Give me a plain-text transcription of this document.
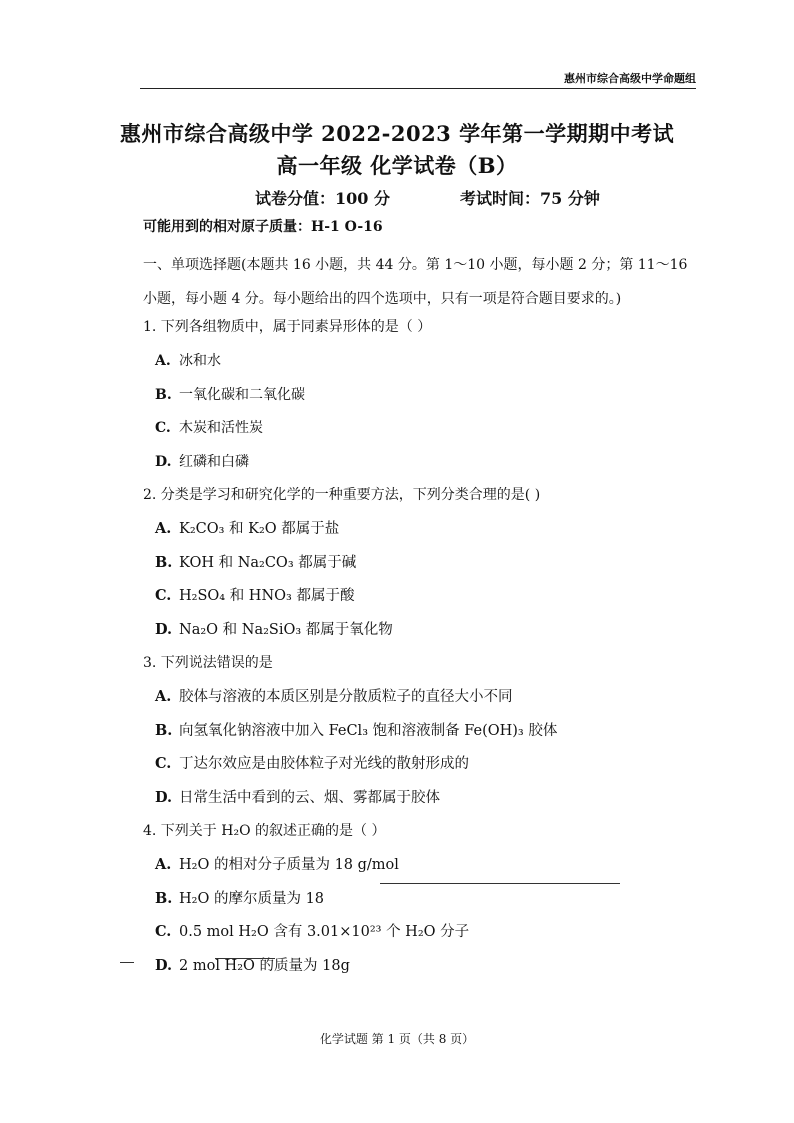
惠州市综合高级中学命题组
惠州市综合高级中学 2022-2023 学年第一学期期中考试
高一年级 化学试卷（B）
试卷分值：100 分	考试时间：75 分钟
可能用到的相对原子质量：H-1 O-16
一、单项选择题(本题共 16 小题，共 44 分。第 1～10 小题，每小题 2 分；第 11～16 小题，每小题 4 分。每小题给出的四个选项中，只有一项是符合题目要求的。)
1. 下列各组物质中，属于同素异形体的是（ ）
A. 冰和水
B. 一氧化碳和二氧化碳
C. 木炭和活性炭
D. 红磷和白磷
2. 分类是学习和研究化学的一种重要方法，下列分类合理的是( )
A. K₂CO₃ 和 K₂O 都属于盐
B. KOH 和 Na₂CO₃ 都属于碱
C. H₂SO₄ 和 HNO₃ 都属于酸
D. Na₂O 和 Na₂SiO₃ 都属于氧化物
3. 下列说法错误的是
A. 胶体与溶液的本质区别是分散质粒子的直径大小不同
B. 向氢氧化钠溶液中加入 FeCl₃ 饱和溶液制备 Fe(OH)₃ 胶体
C. 丁达尔效应是由胶体粒子对光线的散射形成的
D. 日常生活中看到的云、烟、雾都属于胶体
4. 下列关于 H₂O 的叙述正确的是（ ）
A. H₂O 的相对分子质量为 18 g/mol
B. H₂O 的摩尔质量为 18
C. 0.5 mol H₂O 含有 3.01×10²³ 个 H₂O 分子
D. 2 mol H₂O 的质量为 18g
化学试题 第 1 页（共 8 页）
